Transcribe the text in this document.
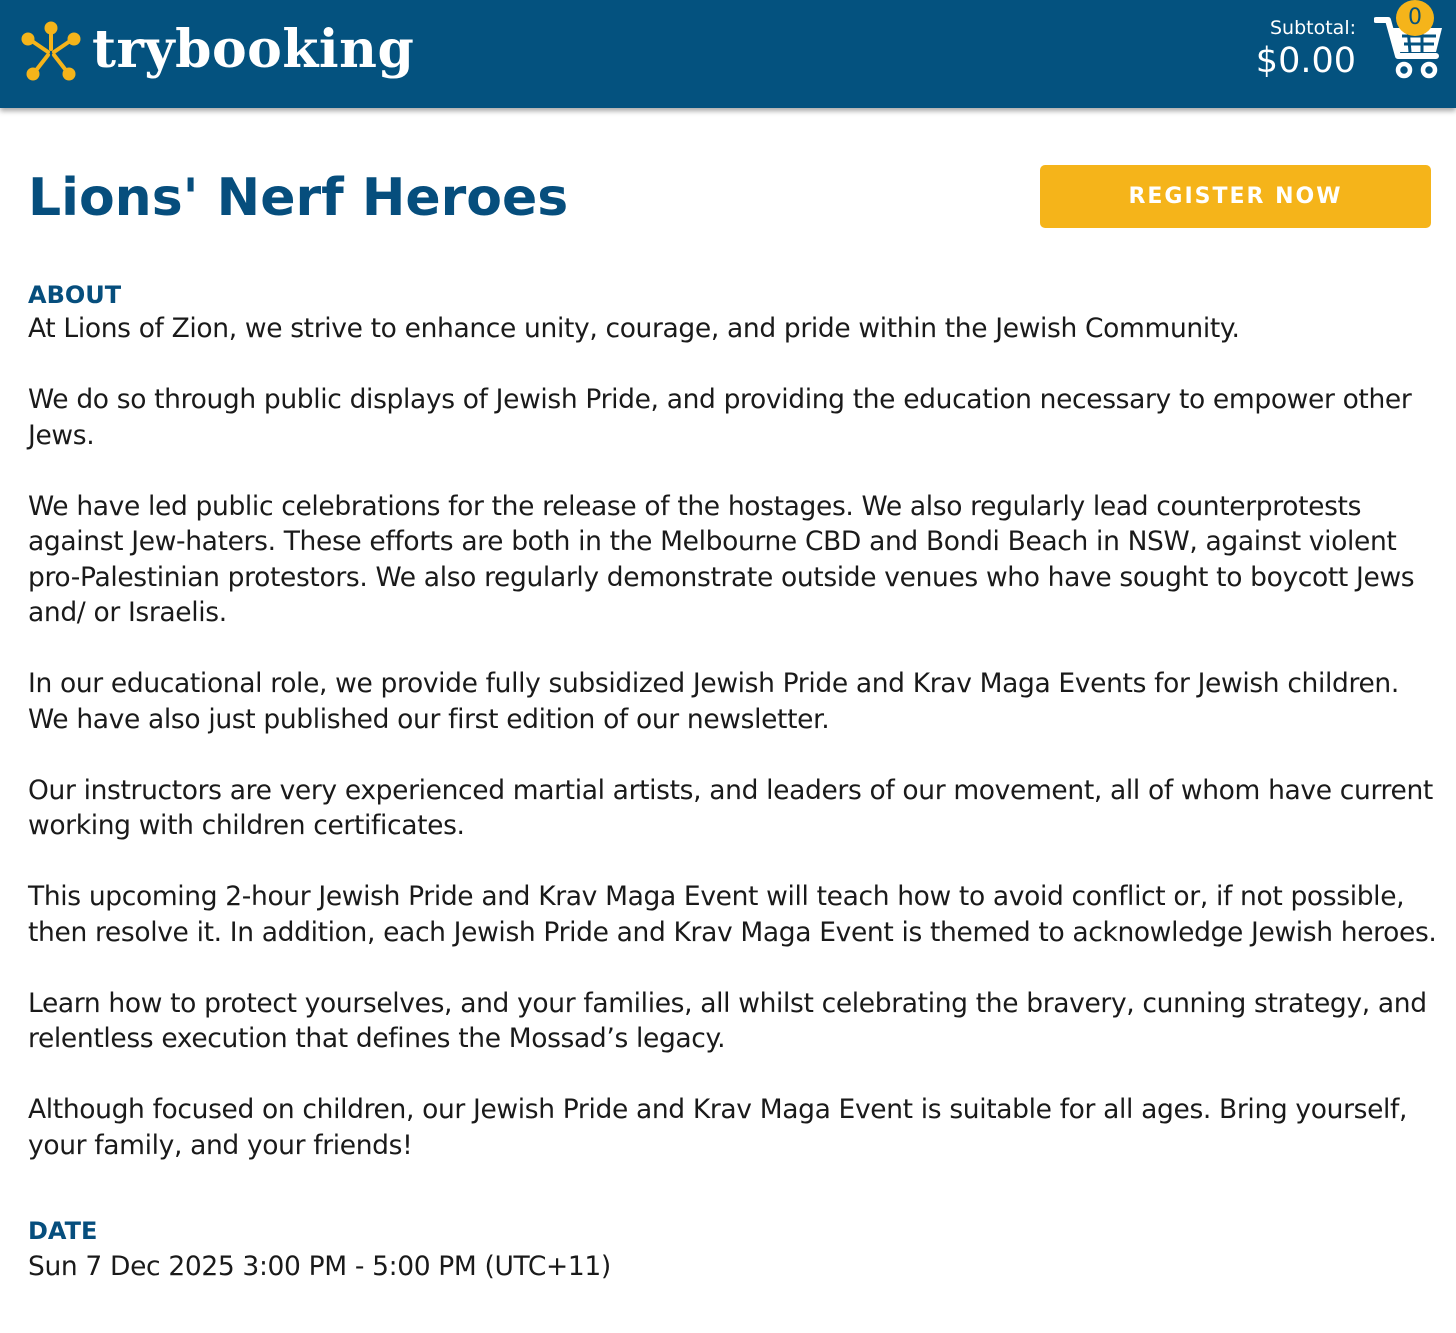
trybooking	Subtotal:
$0.00
0
Lions' Nerf Heroes	REGISTER NOW
ABOUT

At Lions of Zion, we strive to enhance unity, courage, and pride within the Jewish Community.

We do so through public displays of Jewish Pride, and providing the education necessary to empower other Jews.

We have led public celebrations for the release of the hostages. We also regularly lead counterprotests against Jew-haters. These efforts are both in the Melbourne CBD and Bondi Beach in NSW, against violent pro-Palestinian protestors. We also regularly demonstrate outside venues who have sought to boycott Jews and/ or Israelis.

In our educational role, we provide fully subsidized Jewish Pride and Krav Maga Events for Jewish children. We have also just published our first edition of our newsletter.

Our instructors are very experienced martial artists, and leaders of our movement, all of whom have current working with children certificates.

This upcoming 2-hour Jewish Pride and Krav Maga Event will teach how to avoid conflict or, if not possible, then resolve it. In addition, each Jewish Pride and Krav Maga Event is themed to acknowledge Jewish heroes.

Learn how to protect yourselves, and your families, all whilst celebrating the bravery, cunning strategy, and relentless execution that defines the Mossad’s legacy.

Although focused on children, our Jewish Pride and Krav Maga Event is suitable for all ages. Bring yourself, your family, and your friends!

DATE

Sun 7 Dec 2025 3:00 PM - 5:00 PM (UTC+11)
